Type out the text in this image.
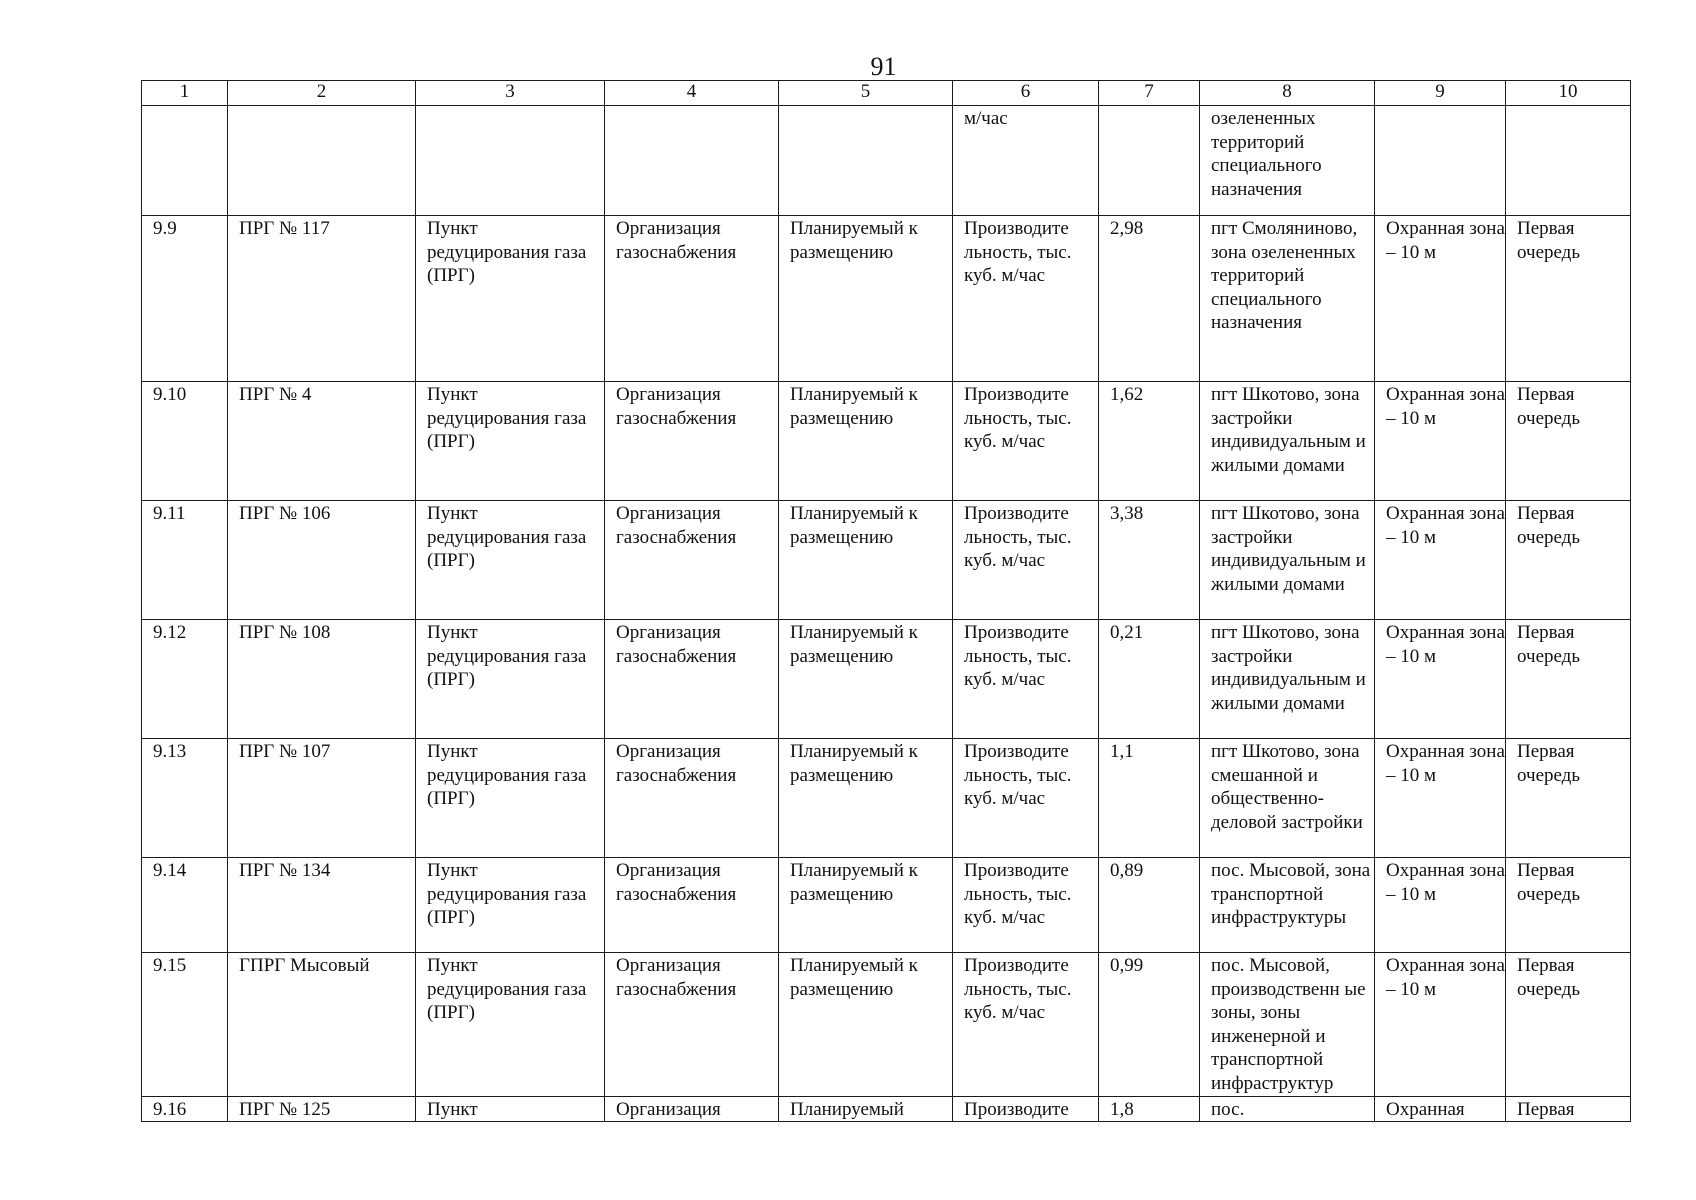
91
1	2	3	4	5	6	7	8	9	10
					м/час		озелененных территорий специального назначения		
9.9	ПРГ № 117	Пункт редуцирования газа (ПРГ)	Организация газоснабжения	Планируемый к размещению	Производите льность, тыс. куб. м/час	2,98	пгт Смоляниново, зона озелененных территорий специального назначения	Охранная зона – 10 м	Первая очередь
9.10	ПРГ № 4	Пункт редуцирования газа (ПРГ)	Организация газоснабжения	Планируемый к размещению	Производите льность, тыс. куб. м/час	1,62	пгт Шкотово, зона застройки индивидуальным и жилыми домами	Охранная зона – 10 м	Первая очередь
9.11	ПРГ № 106	Пункт редуцирования газа (ПРГ)	Организация газоснабжения	Планируемый к размещению	Производите льность, тыс. куб. м/час	3,38	пгт Шкотово, зона застройки индивидуальным и жилыми домами	Охранная зона – 10 м	Первая очередь
9.12	ПРГ № 108	Пункт редуцирования газа (ПРГ)	Организация газоснабжения	Планируемый к размещению	Производите льность, тыс. куб. м/час	0,21	пгт Шкотово, зона застройки индивидуальным и жилыми домами	Охранная зона – 10 м	Первая очередь
9.13	ПРГ № 107	Пункт редуцирования газа (ПРГ)	Организация газоснабжения	Планируемый к размещению	Производите льность, тыс. куб. м/час	1,1	пгт Шкотово, зона смешанной и общественно-деловой застройки	Охранная зона – 10 м	Первая очередь
9.14	ПРГ № 134	Пункт редуцирования газа (ПРГ)	Организация газоснабжения	Планируемый к размещению	Производите льность, тыс. куб. м/час	0,89	пос. Мысовой, зона транспортной инфраструктуры	Охранная зона – 10 м	Первая очередь
9.15	ГПРГ Мысовый	Пункт редуцирования газа (ПРГ)	Организация газоснабжения	Планируемый к размещению	Производите льность, тыс. куб. м/час	0,99	пос. Мысовой, производственн ые зоны, зоны инженерной и транспортной инфраструктур	Охранная зона – 10 м	Первая очередь
9.16	ПРГ № 125	Пункт	Организация	Планируемый	Производите	1,8	пос.	Охранная	Первая
